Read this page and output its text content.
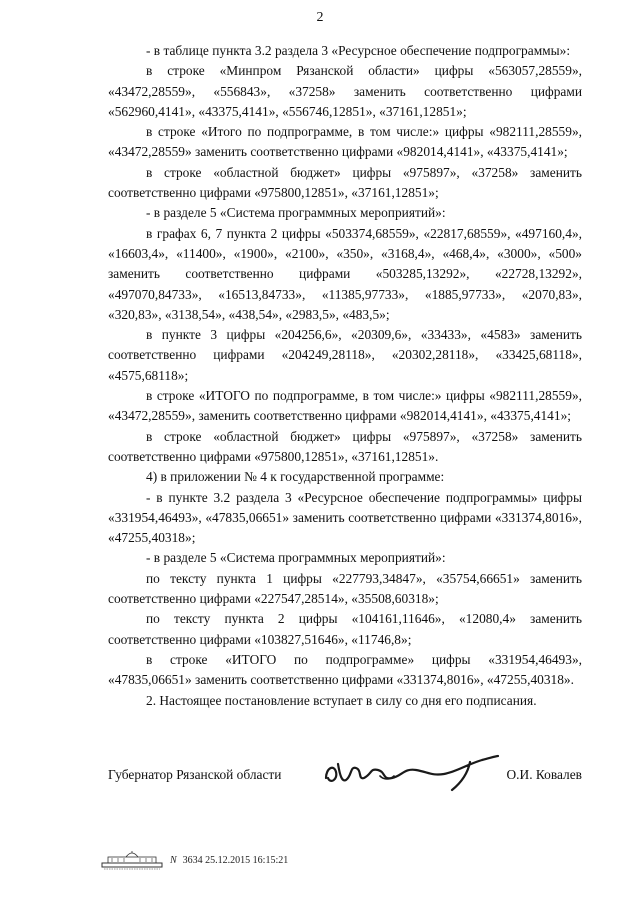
2

- в таблице пункта 3.2 раздела 3 «Ресурсное обеспечение подпрограммы»:

в строке «Минпром Рязанской области» цифры «563057,28559», «43472,28559», «556843», «37258» заменить соответственно цифрами «562960,4141», «43375,4141», «556746,12851», «37161,12851»;

в строке «Итого по подпрограмме, в том числе:» цифры «982111,28559», «43472,28559» заменить соответственно цифрами «982014,4141», «43375,4141»;

в строке «областной бюджет» цифры «975897», «37258» заменить соответственно цифрами «975800,12851», «37161,12851»;

- в разделе 5 «Система программных мероприятий»:

в графах 6, 7 пункта 2 цифры «503374,68559», «22817,68559», «497160,4», «16603,4», «11400», «1900», «2100», «350», «3168,4», «468,4», «3000», «500» заменить соответственно цифрами «503285,13292», «22728,13292», «497070,84733», «16513,84733», «11385,97733», «1885,97733», «2070,83», «320,83», «3138,54», «438,54», «2983,5», «483,5»;

в пункте 3 цифры «204256,6», «20309,6», «33433», «4583» заменить соответственно цифрами «204249,28118», «20302,28118», «33425,68118», «4575,68118»;

в строке «ИТОГО по подпрограмме, в том числе:» цифры «982111,28559», «43472,28559», заменить соответственно цифрами «982014,4141», «43375,4141»;

в строке «областной бюджет» цифры «975897», «37258» заменить соответственно цифрами «975800,12851», «37161,12851».

4) в приложении № 4 к государственной программе:

- в пункте 3.2 раздела 3 «Ресурсное обеспечение подпрограммы» цифры «331954,46493», «47835,06651» заменить соответственно цифрами «331374,8016», «47255,40318»;

- в разделе 5 «Система программных мероприятий»:

по тексту пункта 1 цифры «227793,34847», «35754,66651» заменить соответственно цифрами «227547,28514», «35508,60318»;

по тексту пункта 2 цифры «104161,11646», «12080,4» заменить соответственно цифрами «103827,51646», «11746,8»;

в строке «ИТОГО по подпрограмме» цифры «331954,46493», «47835,06651» заменить соответственно цифрами «331374,8016», «47255,40318».

2. Настоящее постановление вступает в силу со дня его подписания.

Губернатор Рязанской области	О.И. Ковалев
N 3634 25.12.2015 16:15:21
